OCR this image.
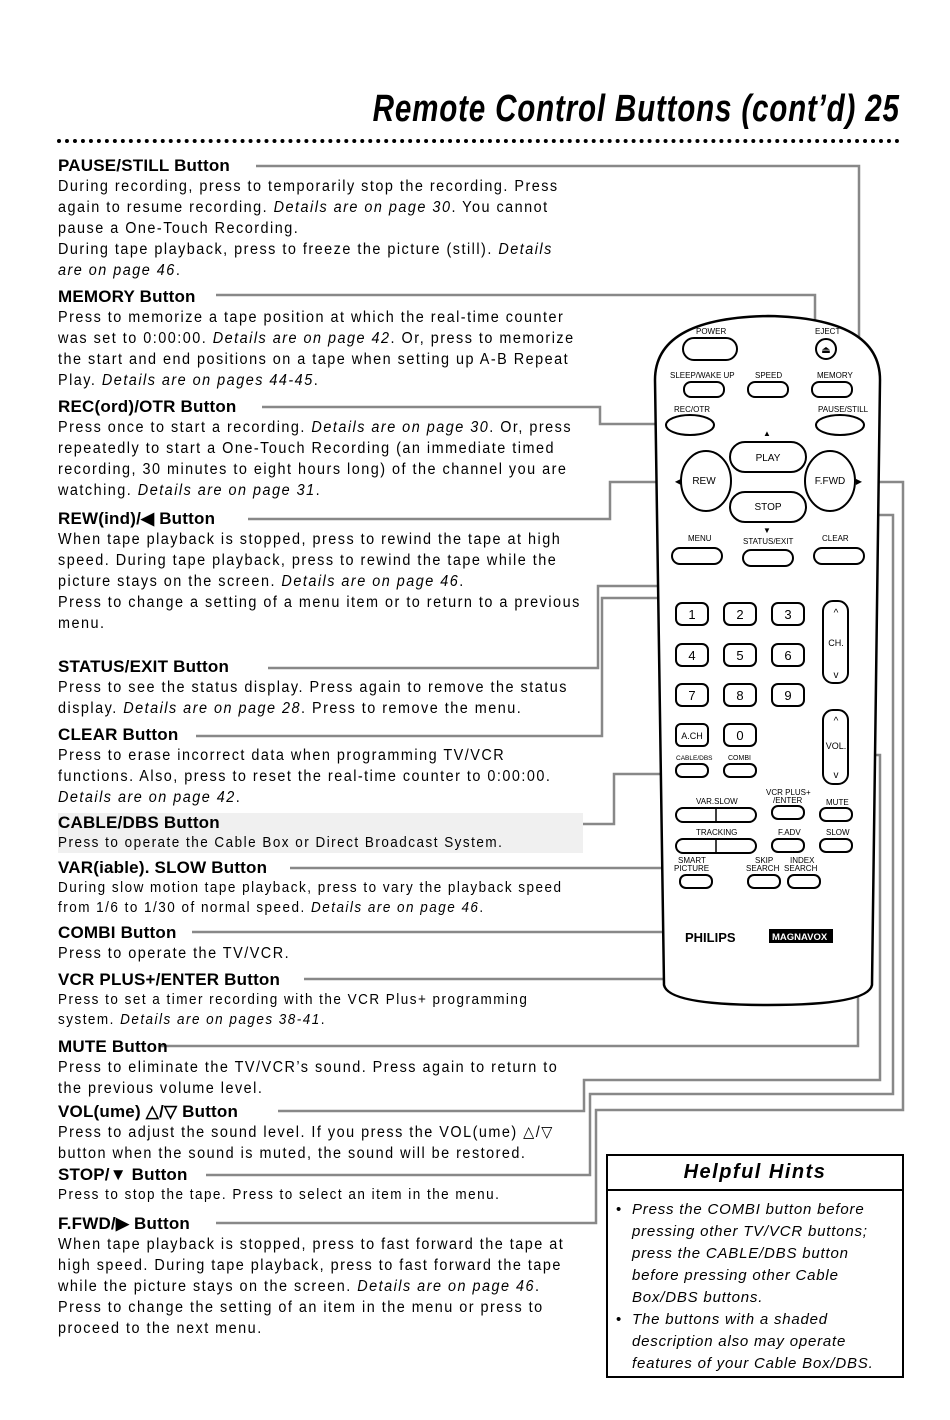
Remote Control Buttons (cont’d) 25
⏏
POWER	EJECT
SLEEP/WAKE UP	SPEED	MEMORY
REC/OTR	PAUSE/STILL
▲
PLAY
REW
◀	F.FWD ▶
STOP
▼
MENU	STATUS/EXIT	CLEAR
1	2	3
4	5	6
7	8	9
0
CH.
^
v
VOL.
^
v
A.CH
CABLE/DBS COMBI
VCR PLUS+
/ENTER	MUTE
VAR.SLOW
TRACKING	F.ADV	SLOW
SMART
PICTURE
SKIP
SEARCH
INDEX
SEARCH
PHILIPS	MAGNAVOX
PAUSE/STILL Button

During recording, press to temporarily stop the recording. Press again to resume recording. Details are on page 30. You cannot pause a One-Touch Recording.
During tape playback, press to freeze the picture (still). Details are on page 46.

MEMORY Button

Press to memorize a tape position at which the real-time counter was set to 0:00:00. Details are on page 42. Or, press to memorize the start and end positions on a tape when setting up A-B Repeat Play. Details are on pages 44-45.

REC(ord)/OTR Button

Press once to start a recording. Details are on page 30. Or, press repeatedly to start a One-Touch Recording (an immediate timed recording, 30 minutes to eight hours long) of the channel you are watching. Details are on page 31.

REW(ind)/◀ Button

When tape playback is stopped, press to rewind the tape at high speed. During tape playback, press to rewind the tape while the picture stays on the screen. Details are on page 46.
Press to change a setting of a menu item or to return to a previous menu.

STATUS/EXIT Button

Press to see the status display. Press again to remove the status display. Details are on page 28. Press to remove the menu.

CLEAR Button

Press to erase incorrect data when programming TV/VCR functions. Also, press to reset the real-time counter to 0:00:00. Details are on page 42.

CABLE/DBS Button

Press to operate the Cable Box or Direct Broadcast System.

VAR(iable). SLOW Button

During slow motion tape playback, press to vary the playback speed from 1/6 to 1/30 of normal speed. Details are on page 46.

COMBI Button

Press to operate the TV/VCR.

VCR PLUS+/ENTER Button

Press to set a timer recording with the VCR Plus+ programming system. Details are on pages 38-41.

MUTE Button

Press to eliminate the TV/VCR’s sound. Press again to return to the previous volume level.

VOL(ume) △/▽ Button

Press to adjust the sound level. If you press the VOL(ume) △/▽ button when the sound is muted, the sound will be restored.

STOP/▼ Button

Press to stop the tape. Press to select an item in the menu.

F.FWD/▶ Button

When tape playback is stopped, press to fast forward the tape at high speed. During tape playback, press to fast forward the tape while the picture stays on the screen. Details are on page 46.
Press to change the setting of an item in the menu or press to proceed to the next menu.

Helpful Hints
• Press the COMBI button before pressing other TV/VCR buttons; press the CABLE/DBS button before pressing other Cable Box/DBS buttons.
• The buttons with a shaded description also may operate features of your Cable Box/DBS.
